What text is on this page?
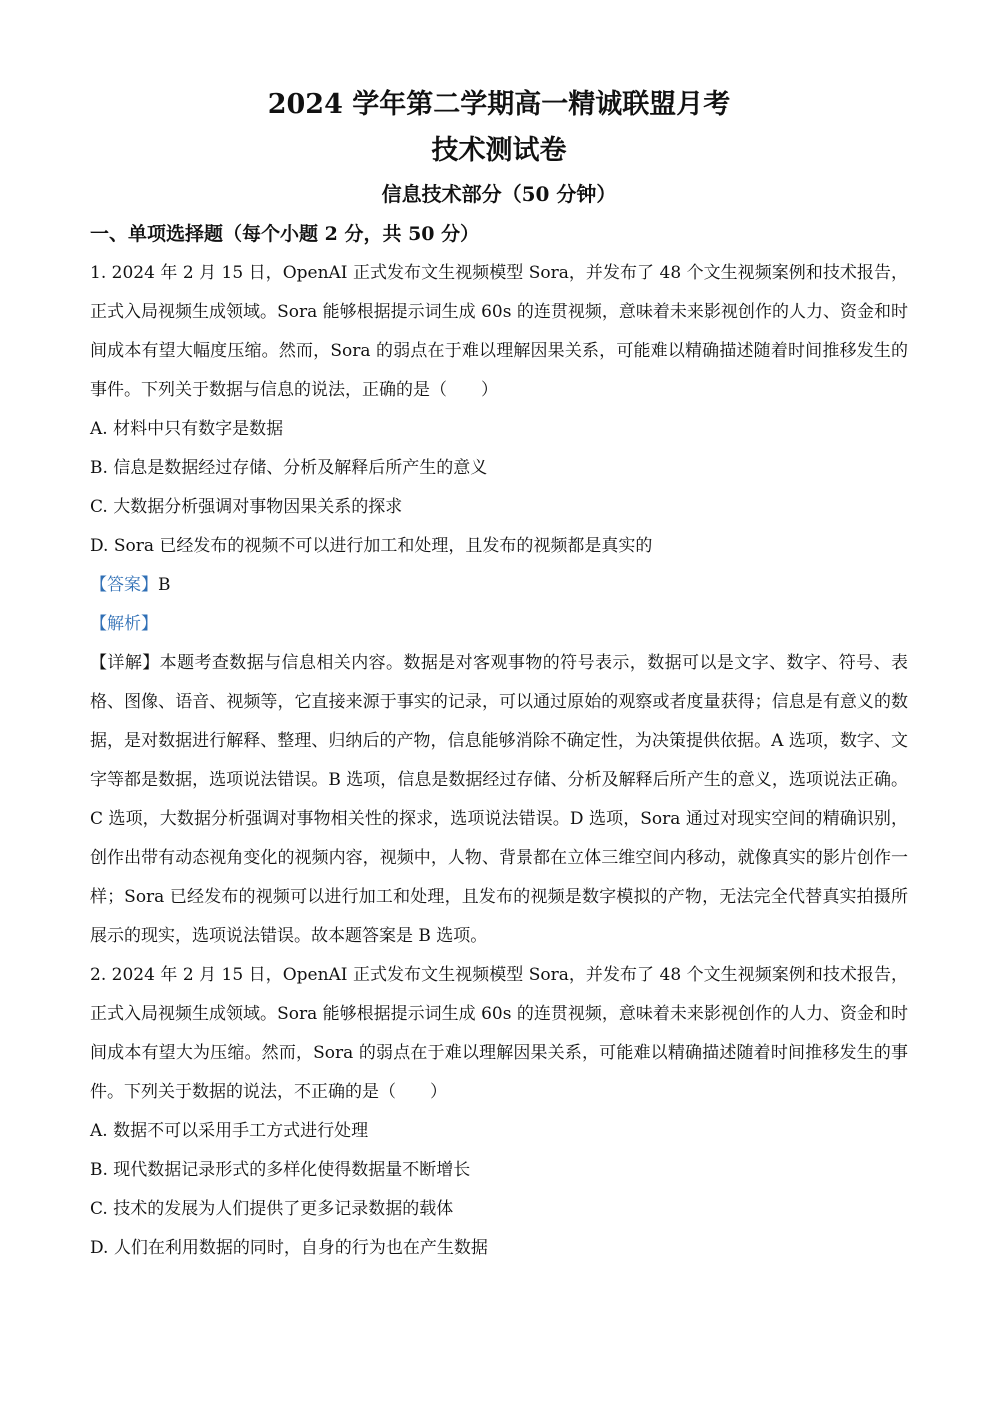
2024 学年第二学期高一精诚联盟月考
技术测试卷
信息技术部分（50 分钟）
一、单项选择题（每个小题 2 分，共 50 分）

1. 2024 年 2 月 15 日，OpenAI 正式发布文生视频模型 Sora，并发布了 48 个文生视频案例和技术报告，正式入局视频生成领域。Sora 能够根据提示词生成 60s 的连贯视频，意味着未来影视创作的人力、资金和时间成本有望大幅度压缩。然而，Sora 的弱点在于难以理解因果关系，可能难以精确描述随着时间推移发生的事件。下列关于数据与信息的说法，正确的是（　　）

A. 材料中只有数字是数据

B. 信息是数据经过存储、分析及解释后所产生的意义

C. 大数据分析强调对事物因果关系的探求

D. Sora 已经发布的视频不可以进行加工和处理，且发布的视频都是真实的

【答案】B

【解析】

【详解】本题考查数据与信息相关内容。数据是对客观事物的符号表示，数据可以是文字、数字、符号、表格、图像、语音、视频等，它直接来源于事实的记录，可以通过原始的观察或者度量获得；信息是有意义的数据，是对数据进行解释、整理、归纳后的产物，信息能够消除不确定性，为决策提供依据。A 选项，数字、文字等都是数据，选项说法错误。B 选项，信息是数据经过存储、分析及解释后所产生的意义，选项说法正确。C 选项，大数据分析强调对事物相关性的探求，选项说法错误。D 选项，Sora 通过对现实空间的精确识别，创作出带有动态视角变化的视频内容，视频中，人物、背景都在立体三维空间内移动，就像真实的影片创作一样；Sora 已经发布的视频可以进行加工和处理，且发布的视频是数字模拟的产物，无法完全代替真实拍摄所展示的现实，选项说法错误。故本题答案是 B 选项。

2. 2024 年 2 月 15 日，OpenAI 正式发布文生视频模型 Sora，并发布了 48 个文生视频案例和技术报告，正式入局视频生成领域。Sora 能够根据提示词生成 60s 的连贯视频，意味着未来影视创作的人力、资金和时间成本有望大为压缩。然而，Sora 的弱点在于难以理解因果关系，可能难以精确描述随着时间推移发生的事件。下列关于数据的说法，不正确的是（　　）

A. 数据不可以采用手工方式进行处理

B. 现代数据记录形式的多样化使得数据量不断增长

C. 技术的发展为人们提供了更多记录数据的载体

D. 人们在利用数据的同时，自身的行为也在产生数据
